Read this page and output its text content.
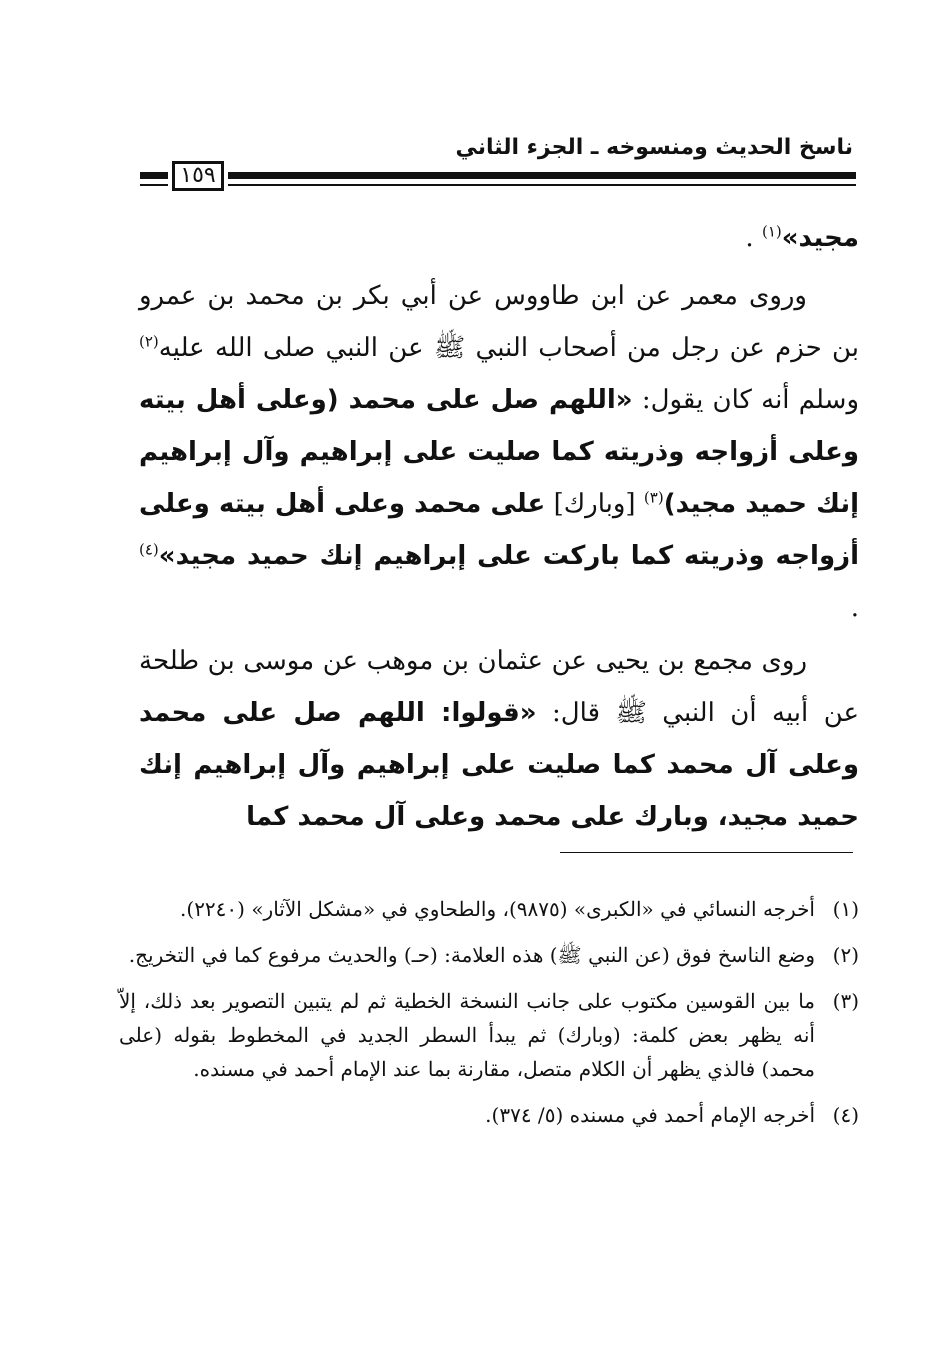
ناسخ الحديث ومنسوخه ـ الجزء الثاني
١٥٩
مجيد»$^{(١)}$ .
وروى معمر عن ابن طاووس عن أبي بكر بن محمد بن عمرو بن حزم عن رجل من أصحاب النبي ﷺ عن النبي صلى الله عليه$^{(٢)}$ وسلم أنه كان يقول: «اللهم صل على محمد (وعلى أهل بيته وعلى أزواجه وذريته كما صليت على إبراهيم وآل إبراهيم إنك حميد مجيد)$^{(٣)}$ [وبارك] على محمد وعلى أهل بيته وعلى أزواجه وذريته كما باركت على إبراهيم إنك حميد مجيد»$^{(٤)}$ .
روى مجمع بن يحيى عن عثمان بن موهب عن موسى بن طلحة عن أبيه أن النبي ﷺ قال: «قولوا: اللهم صل على محمد وعلى آل محمد كما صليت على إبراهيم وآل إبراهيم إنك حميد مجيد، وبارك على محمد وعلى آل محمد كما
(١)
أخرجه النسائي في «الكبرى» (٩٨٧٥)، والطحاوي في «مشكل الآثار» (٢٢٤٠).
(٢)
وضع الناسخ فوق (عن النبي ﷺ) هذه العلامة: (حـ) والحديث مرفوع كما في التخريج.
(٣)
ما بين القوسين مكتوب على جانب النسخة الخطية ثم لم يتبين التصوير بعد ذلك، إلاّ أنه يظهر بعض كلمة: (وبارك) ثم يبدأ السطر الجديد في المخطوط بقوله (على محمد) فالذي يظهر أن الكلام متصل، مقارنة بما عند الإمام أحمد في مسنده.
(٤)
أخرجه الإمام أحمد في مسنده (٥/ ٣٧٤).
